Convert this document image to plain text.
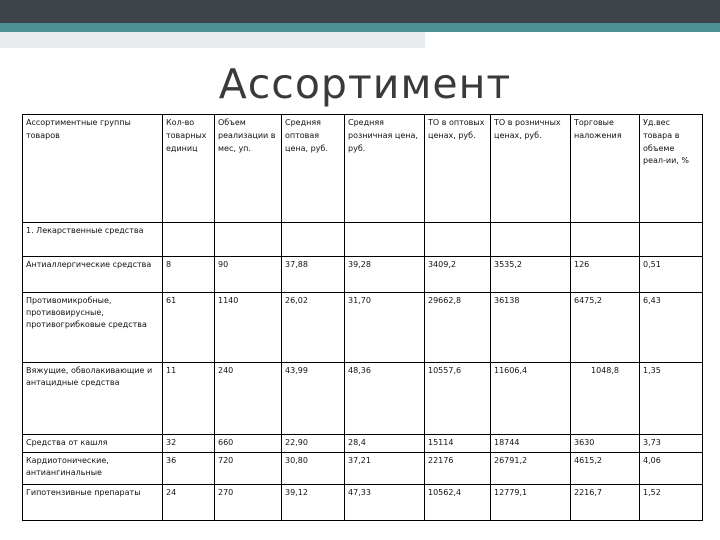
Ассортимент
Ассортиментные группы товаров	Кол-во товарных единиц	Объем реализации в мес, уп.	Средняя оптовая цена, руб.	Средняя розничная цена, руб.	ТО в оптовых ценах, руб.	ТО в розничных ценах, руб.	Торговые наложения	Уд.вес товара в объеме реал-ии, %
1. Лекарственные средства								
Антиаллергические средства	8	90	37,88	39,28	3409,2	3535,2	126	0,51
Противомикробные, противовирусные, противогрибковые средства	61	1140	26,02	31,70	29662,8	36138	6475,2	6,43
Вяжущие, обволакивающие и антацидные средства	11	240	43,99	48,36	10557,6	11606,4	1048,8	1,35
Средства от кашля	32	660	22,90	28,4	15114	18744	3630	3,73
Кардиотонические, антиангинальные	36	720	30,80	37,21	22176	26791,2	4615,2	4,06
Гипотензивные препараты	24	270	39,12	47,33	10562,4	12779,1	2216,7	1,52
